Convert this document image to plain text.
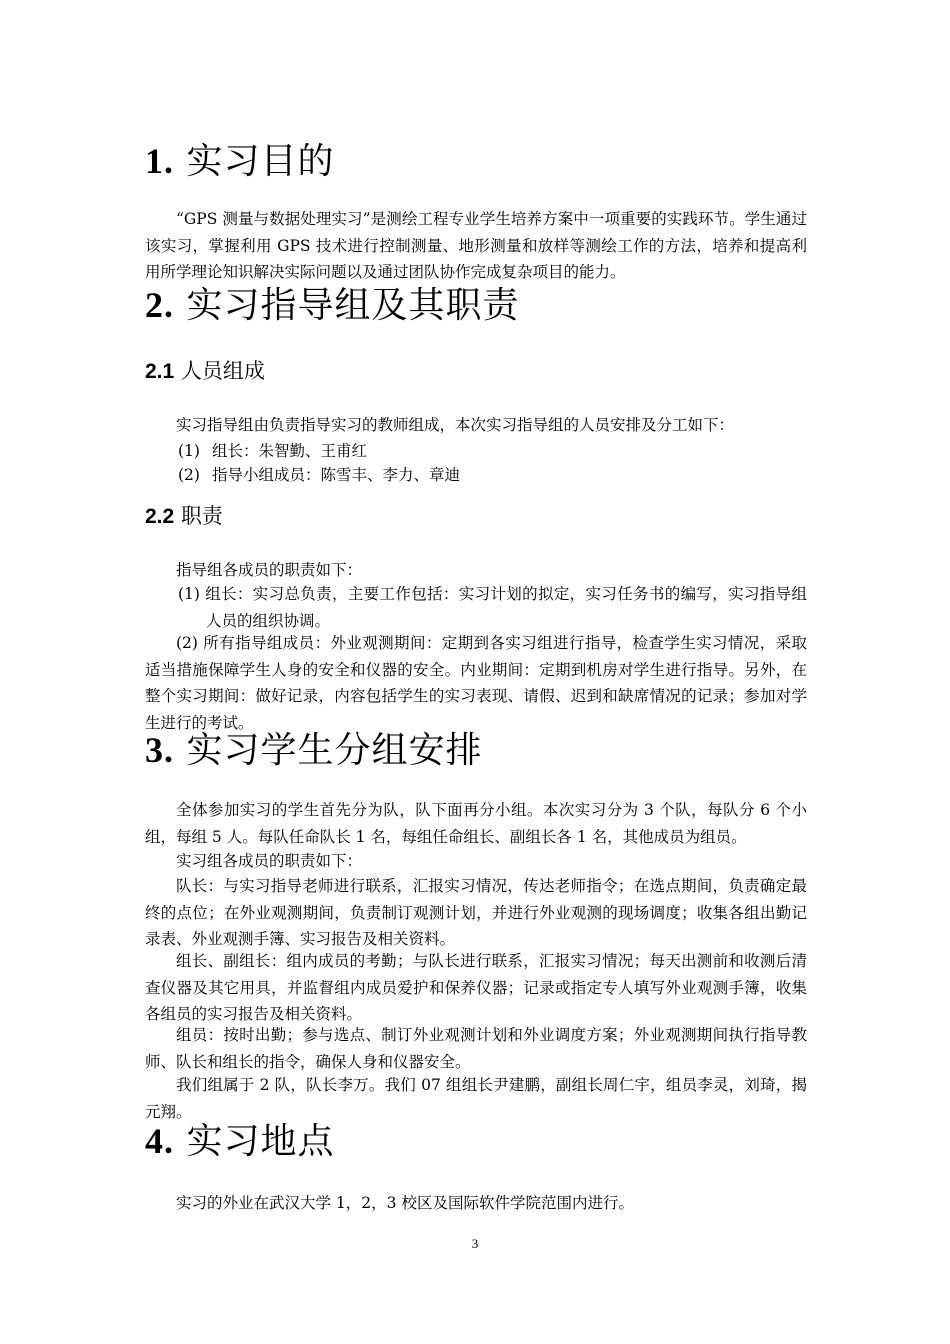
1. 实习目的

“GPS 测量与数据处理实习”是测绘工程专业学生培养方案中一项重要的实践环节。学生通过该实习，掌握利用 GPS 技术进行控制测量、地形测量和放样等测绘工作的方法，培养和提高利用所学理论知识解决实际问题以及通过团队协作完成复杂项目的能力。

2. 实习指导组及其职责
2.1 人员组成

实习指导组由负责指导实习的教师组成，本次实习指导组的人员安排及分工如下：

(1) 组长：朱智勤、王甫红
(2) 指导小组成员：陈雪丰、李力、章迪
2.2 职责

指导组各成员的职责如下：

(1) 组长：实习总负责，主要工作包括：实习计划的拟定，实习任务书的编写，实习指导组人员的组织协调。

(2) 所有指导组成员：外业观测期间：定期到各实习组进行指导，检查学生实习情况，采取适当措施保障学生人身的安全和仪器的安全。内业期间：定期到机房对学生进行指导。另外，在整个实习期间：做好记录，内容包括学生的实习表现、请假、迟到和缺席情况的记录；参加对学生进行的考试。

3. 实习学生分组安排

全体参加实习的学生首先分为队，队下面再分小组。本次实习分为 3 个队，每队分 6 个小组，每组 5 人。每队任命队长 1 名，每组任命组长、副组长各 1 名，其他成员为组员。

实习组各成员的职责如下：

队长：与实习指导老师进行联系，汇报实习情况，传达老师指令；在选点期间，负责确定最终的点位；在外业观测期间，负责制订观测计划，并进行外业观测的现场调度；收集各组出勤记录表、外业观测手簿、实习报告及相关资料。

组长、副组长：组内成员的考勤；与队长进行联系，汇报实习情况；每天出测前和收测后清查仪器及其它用具，并监督组内成员爱护和保养仪器；记录或指定专人填写外业观测手簿，收集各组员的实习报告及相关资料。

组员：按时出勤；参与选点、制订外业观测计划和外业调度方案；外业观测期间执行指导教师、队长和组长的指令，确保人身和仪器安全。

我们组属于 2 队，队长李万。我们 07 组组长尹建鹏，副组长周仁宇，组员李灵，刘琦，揭元翔。

4. 实习地点

实习的外业在武汉大学 1，2，3 校区及国际软件学院范围内进行。

3
